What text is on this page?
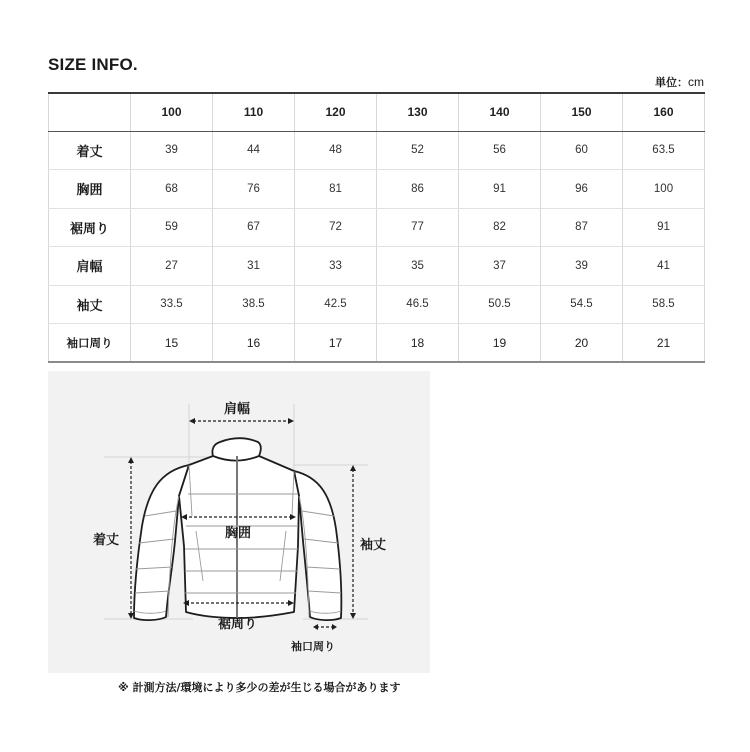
SIZE INFO.
単位：cm
	100	110	120	130	140	150	160
着丈	39	44	48	52	56	60	63.5
胸囲	68	76	81	86	91	96	100
裾周り	59	67	72	77	82	87	91
肩幅	27	31	33	35	37	39	41
袖丈	33.5	38.5	42.5	46.5	50.5	54.5	58.5
袖口周り	15	16	17	18	19	20	21
肩幅
着丈	胸囲
袖丈
裾周り
袖口周り
※ 計測方法/環境により多少の差が生じる場合があります
